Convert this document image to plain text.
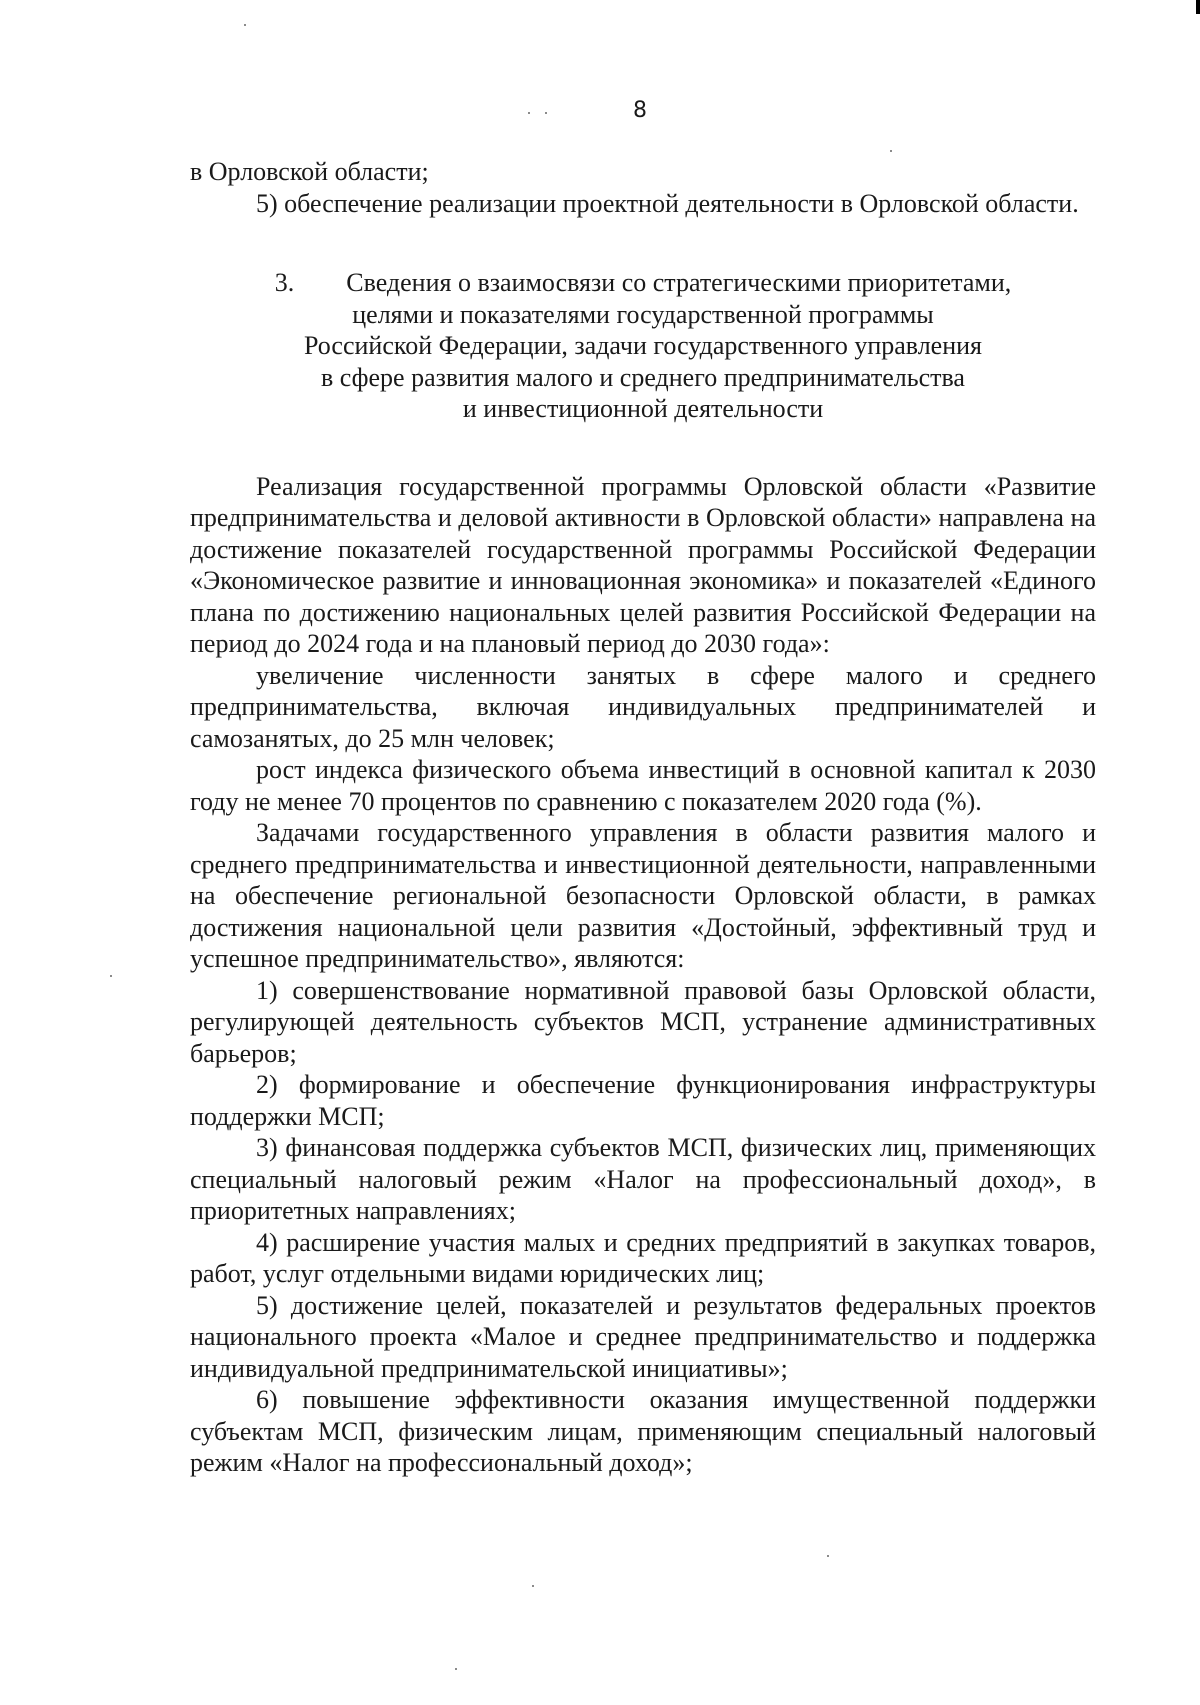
8

в Орловской области;

5) обеспечение реализации проектной деятельности в Орловской области.

3. Сведения о взаимосвязи со стратегическими приоритетами,
целями и показателями государственной программы
Российской Федерации, задачи государственного управления
в сфере развития малого и среднего предпринимательства
и инвестиционной деятельности

Реализация государственной программы Орловской области «Развитие предпринимательства и деловой активности в Орловской области» направлена на достижение показателей государственной программы Российской Федерации «Экономическое развитие и инновационная экономика» и показателей «Единого плана по достижению национальных целей развития Российской Федерации на период до 2024 года и на плановый период до 2030 года»:

увеличение численности занятых в сфере малого и среднего предпринимательства, включая индивидуальных предпринимателей и самозанятых, до 25 млн человек;

рост индекса физического объема инвестиций в основной капитал к 2030 году не менее 70 процентов по сравнению с показателем 2020 года (%).

Задачами государственного управления в области развития малого и среднего предпринимательства и инвестиционной деятельности, направленными на обеспечение региональной безопасности Орловской области, в рамках достижения национальной цели развития «Достойный, эффективный труд и успешное предпринимательство», являются:

1) совершенствование нормативной правовой базы Орловской области, регулирующей деятельность субъектов МСП, устранение административных барьеров;

2) формирование и обеспечение функционирования инфраструктуры поддержки МСП;

3) финансовая поддержка субъектов МСП, физических лиц, применяющих специальный налоговый режим «Налог на профессиональный доход», в приоритетных направлениях;

4) расширение участия малых и средних предприятий в закупках товаров, работ, услуг отдельными видами юридических лиц;

5) достижение целей, показателей и результатов федеральных проектов национального проекта «Малое и среднее предпринимательство и поддержка индивидуальной предпринимательской инициативы»;

6) повышение эффективности оказания имущественной поддержки субъектам МСП, физическим лицам, применяющим специальный налоговый режим «Налог на профессиональный доход»;
